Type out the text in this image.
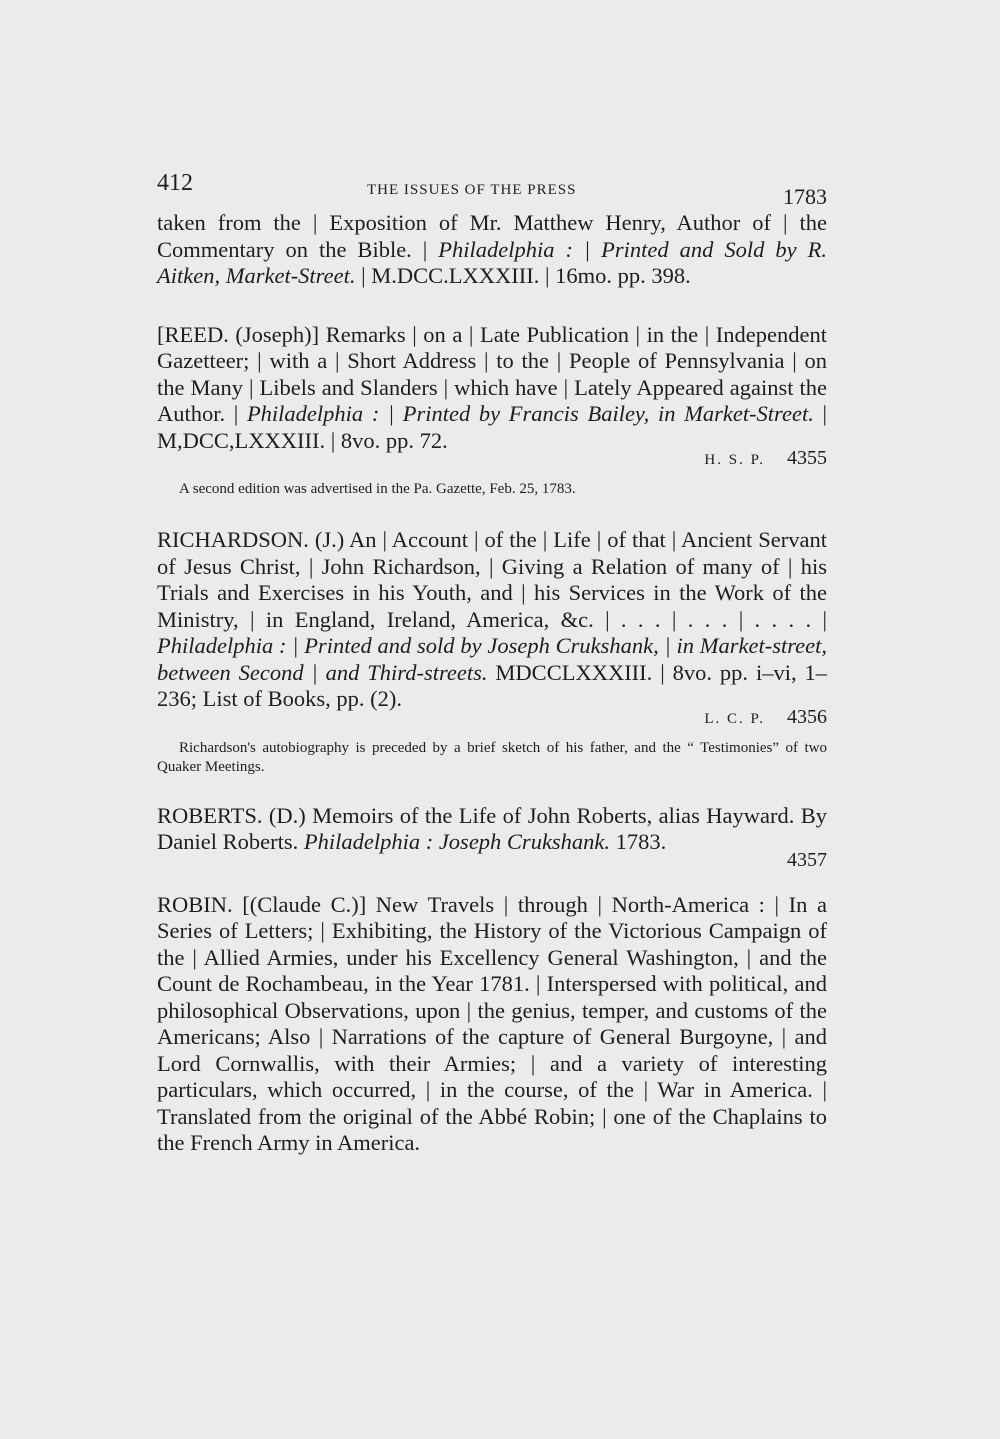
412	THE ISSUES OF THE PRESS	1783

taken from the | Exposition of Mr. Matthew Henry, Author of | the Commentary on the Bible. | Philadelphia : | Printed and Sold by R. Aitken, Market-Street. | M.DCC.LXXXIII. | 16mo. pp. 398.

[REED. (Joseph)] Remarks | on a | Late Publication | in the | Independent Gazetteer; | with a | Short Address | to the | People of Pennsylvania | on the Many | Libels and Slanders | which have | Lately Appeared against the Author. | Philadelphia : | Printed by Francis Bailey, in Market-Street. | M,DCC,LXXXIII. | 8vo. pp. 72.

H. S. P. 4355

A second edition was advertised in the Pa. Gazette, Feb. 25, 1783.

RICHARDSON. (J.) An | Account | of the | Life | of that | Ancient Servant of Jesus Christ, | John Richardson, | Giving a Relation of many of | his Trials and Exercises in his Youth, and | his Services in the Work of the Ministry, | in England, Ireland, America, &c. | . . . | . . . | . . . . | Philadelphia : | Printed and sold by Joseph Crukshank, | in Market-street, between Second | and Third-streets. MDCCLXXXIII. | 8vo. pp. i–vi, 1–236; List of Books, pp. (2).

L. C. P. 4356

Richardson's autobiography is preceded by a brief sketch of his father, and the “ Testimonies” of two Quaker Meetings.

ROBERTS. (D.) Memoirs of the Life of John Roberts, alias Hayward. By Daniel Roberts. Philadelphia : Joseph Crukshank. 1783.

4357

ROBIN. [(Claude C.)] New Travels | through | North-America : | In a Series of Letters; | Exhibiting, the History of the Victorious Campaign of the | Allied Armies, under his Excellency General Washington, | and the Count de Rochambeau, in the Year 1781. | Interspersed with political, and philosophical Observations, upon | the genius, temper, and customs of the Americans; Also | Narrations of the capture of General Burgoyne, | and Lord Cornwallis, with their Armies; | and a variety of interesting particulars, which occurred, | in the course, of the | War in America. | Translated from the original of the Abbé Robin; | one of the Chaplains to the French Army in America.
